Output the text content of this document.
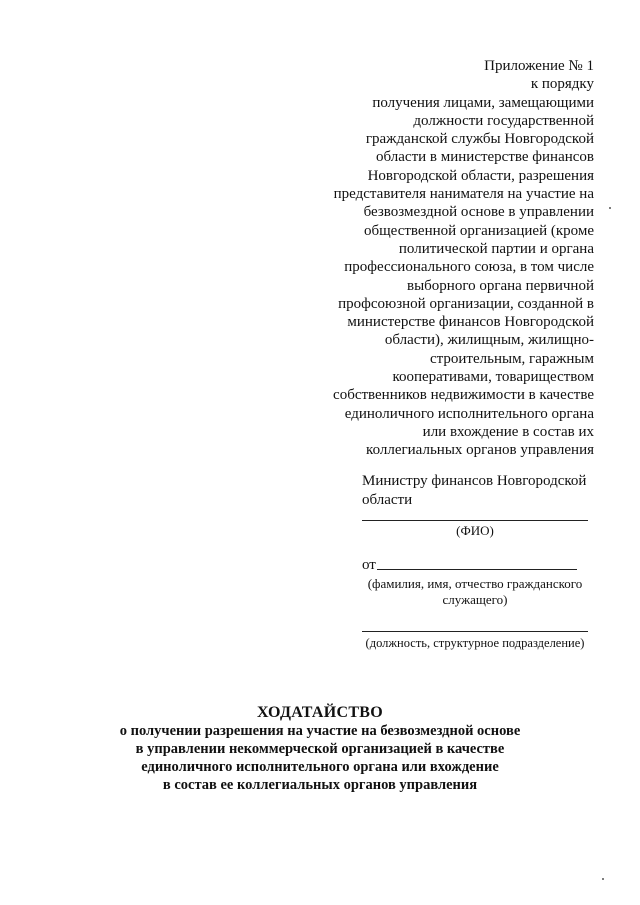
Приложение № 1
к порядку
получения лицами, замещающими
должности государственной
гражданской службы Новгородской
области в министерстве финансов
Новгородской области, разрешения
представителя нанимателя на участие на
безвозмездной основе в управлении
общественной организацией (кроме
политической партии и органа
профессионального союза, в том числе
выборного органа первичной
профсоюзной организации, созданной в
министерстве финансов Новгородской
области), жилищным, жилищно-
строительным, гаражным
кооперативами, товариществом
собственников недвижимости в качестве
единоличного исполнительного органа
или вхождение в состав их
коллегиальных органов управления
Министру финансов Новгородской
области
(ФИО)
от
(фамилия, имя, отчество гражданского
служащего)
(должность, структурное подразделение)
ХОДАТАЙСТВО
о получении разрешения на участие на безвозмездной основе
в управлении некоммерческой организацией в качестве
единоличного исполнительного органа или вхождение
в состав ее коллегиальных органов управления
